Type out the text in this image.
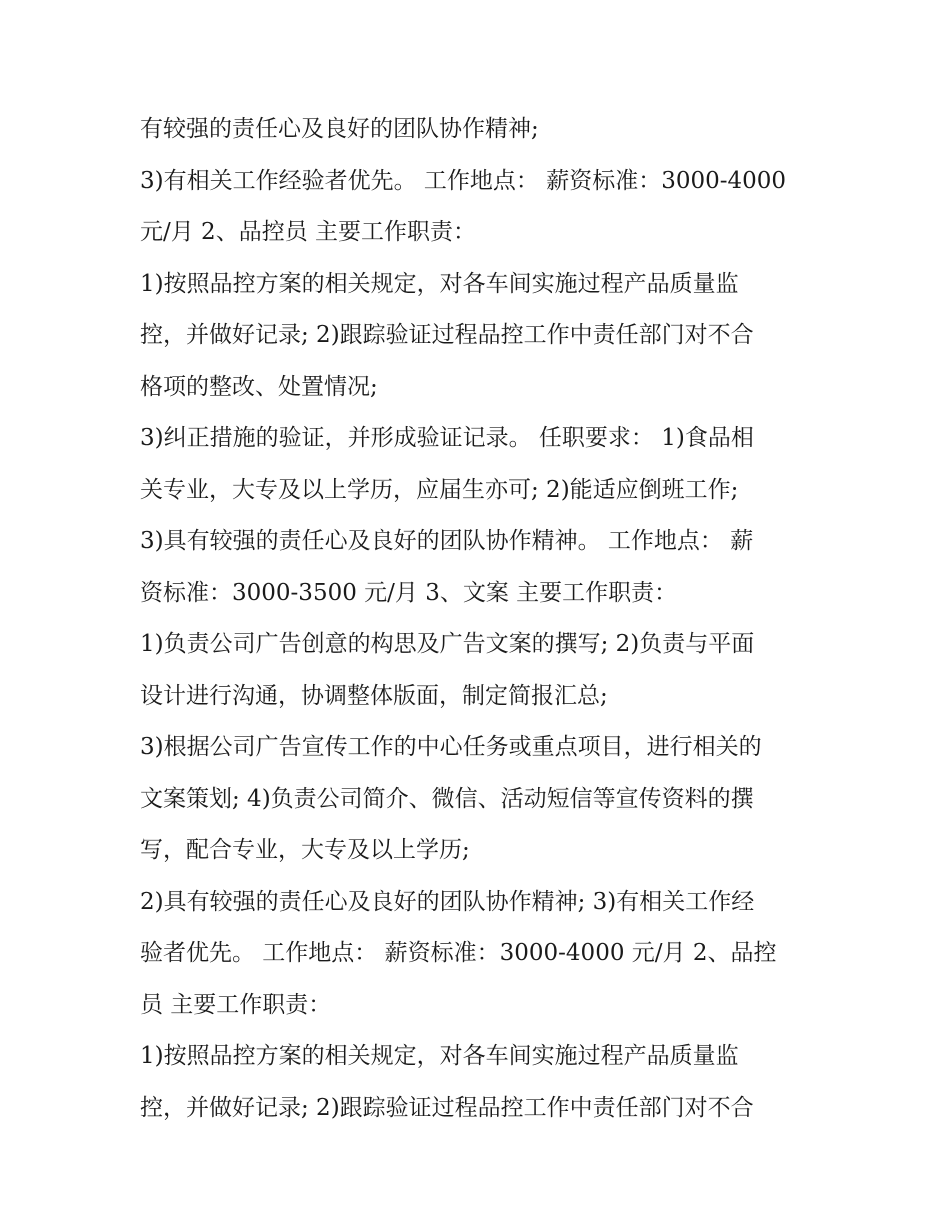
有较强的责任心及良好的团队协作精神;
3)有相关工作经验者优先。 工作地点： 薪资标准：3000-4000
元/月 2、品控员 主要工作职责：
1)按照品控方案的相关规定，对各车间实施过程产品质量监
控，并做好记录; 2)跟踪验证过程品控工作中责任部门对不合
格项的整改、处置情况;
3)纠正措施的验证，并形成验证记录。 任职要求： 1)食品相
关专业，大专及以上学历，应届生亦可; 2)能适应倒班工作;
3)具有较强的责任心及良好的团队协作精神。 工作地点： 薪
资标准：3000-3500 元/月 3、文案 主要工作职责：
1)负责公司广告创意的构思及广告文案的撰写; 2)负责与平面
设计进行沟通，协调整体版面，制定简报汇总;
3)根据公司广告宣传工作的中心任务或重点项目，进行相关的
文案策划; 4)负责公司简介、微信、活动短信等宣传资料的撰
写，配合专业，大专及以上学历;
2)具有较强的责任心及良好的团队协作精神; 3)有相关工作经
验者优先。 工作地点： 薪资标准：3000-4000 元/月 2、品控
员 主要工作职责：
1)按照品控方案的相关规定，对各车间实施过程产品质量监
控，并做好记录; 2)跟踪验证过程品控工作中责任部门对不合
